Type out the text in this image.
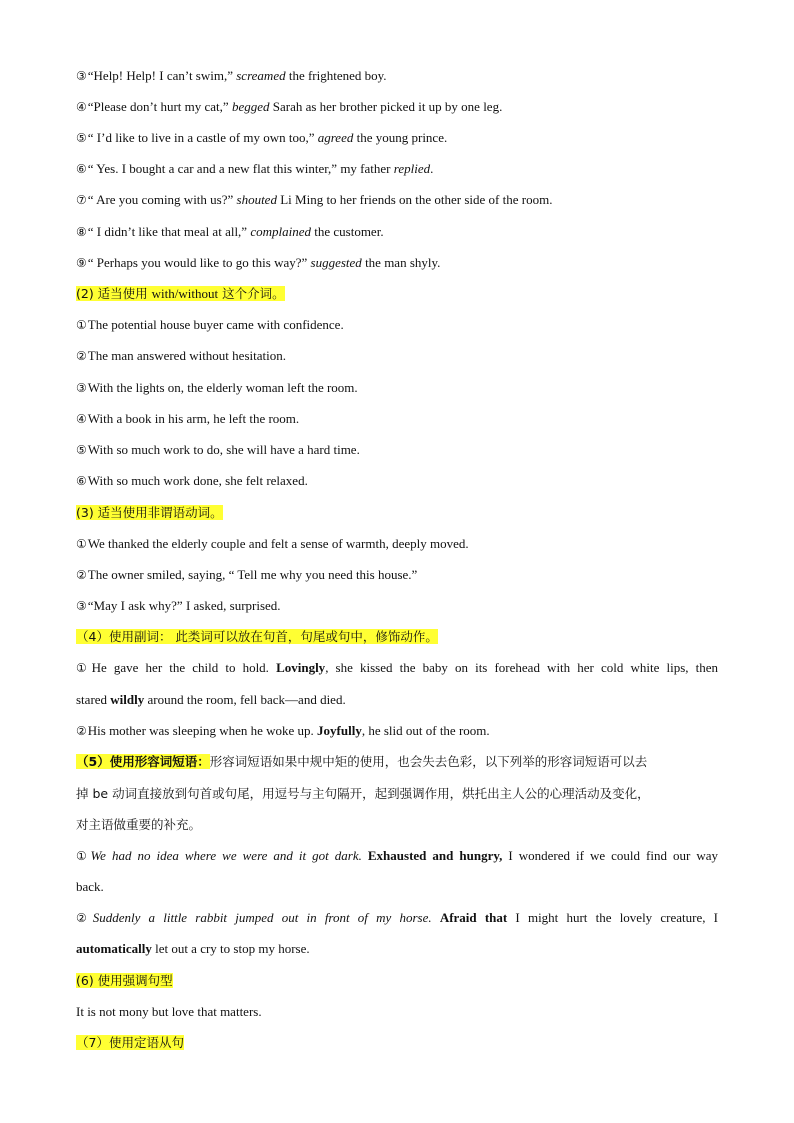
③“Help! Help! I can’t swim,” screamed the frightened boy.
④“Please don’t hurt my cat,” begged Sarah as her brother picked it up by one leg.
⑤“ I’d like to live in a castle of my own too,” agreed the young prince.
⑥“ Yes. I bought a car and a new flat this winter,” my father replied.
⑦“ Are you coming with us?” shouted Li Ming to her friends on the other side of the room.
⑧“ I didn’t like that meal at all,” complained the customer.
⑨“ Perhaps you would like to go this way?” suggested the man shyly.
(2) 适当使用 with/without 这个介词。
①The potential house buyer came with confidence.
②The man answered without hesitation.
③With the lights on, the elderly woman left the room.
④With a book in his arm, he left the room.
⑤With so much work to do, she will have a hard time.
⑥With so much work done, she felt relaxed.
(3) 适当使用非谓语动词。
①We thanked the elderly couple and felt a sense of warmth, deeply moved.
②The owner smiled, saying, “ Tell me why you need this house.”
③“May I ask why?” I asked, surprised.
（4）使用副词： 此类词可以放在句首，句尾或句中，修饰动作。
①He gave her the child to hold. Lovingly, she kissed the baby on its forehead with her cold white lips, then
stared wildly around the room, fell back—and died.
②His mother was sleeping when he woke up. Joyfully, he slid out of the room.
（5）使用形容词短语：形容词短语如果中规中矩的使用，也会失去色彩，以下列举的形容词短语可以去
掉 be 动词直接放到句首或句尾，用逗号与主句隔开，起到强调作用，烘托出主人公的心理活动及变化，
对主语做重要的补充。
①We had no idea where we were and it got dark. Exhausted and hungry, I wondered if we could find our way
back.
②Suddenly a little rabbit jumped out in front of my horse. Afraid that I might hurt the lovely creature, I
automatically let out a cry to stop my horse.
(6) 使用强调句型
It is not mony but love that matters.
（7）使用定语从句
